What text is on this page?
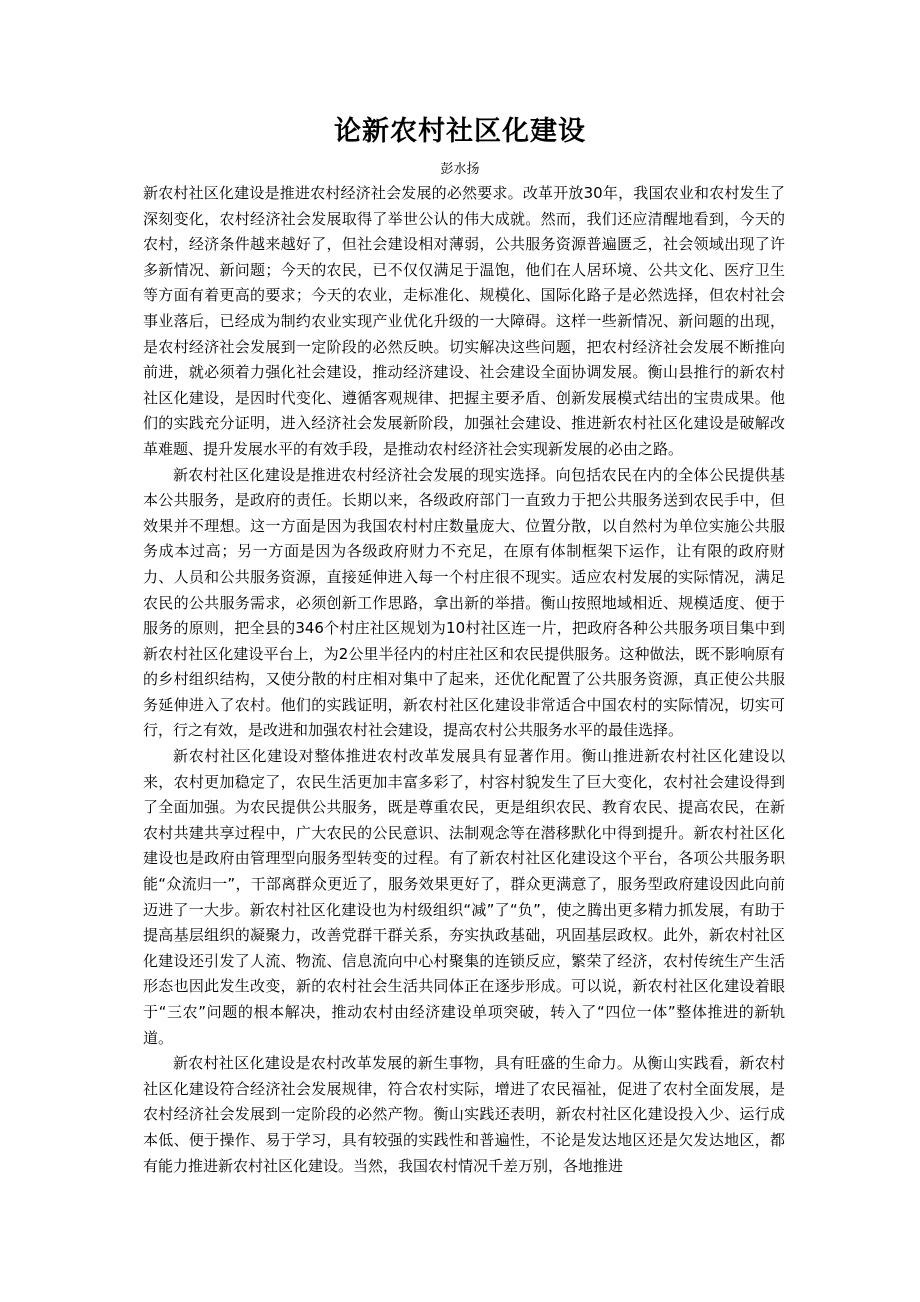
论新农村社区化建设
彭水扬

新农村社区化建设是推进农村经济社会发展的必然要求。改革开放30年，我国农业和农村发生了深刻变化，农村经济社会发展取得了举世公认的伟大成就。然而，我们还应清醒地看到，今天的农村，经济条件越来越好了，但社会建设相对薄弱，公共服务资源普遍匮乏，社会领域出现了许多新情况、新问题；今天的农民，已不仅仅满足于温饱，他们在人居环境、公共文化、医疗卫生等方面有着更高的要求；今天的农业，走标准化、规模化、国际化路子是必然选择，但农村社会事业落后，已经成为制约农业实现产业优化升级的一大障碍。这样一些新情况、新问题的出现，是农村经济社会发展到一定阶段的必然反映。切实解决这些问题，把农村经济社会发展不断推向前进，就必须着力强化社会建设，推动经济建设、社会建设全面协调发展。衡山县推行的新农村社区化建设，是因时代变化、遵循客观规律、把握主要矛盾、创新发展模式结出的宝贵成果。他们的实践充分证明，进入经济社会发展新阶段，加强社会建设、推进新农村社区化建设是破解改革难题、提升发展水平的有效手段，是推动农村经济社会实现新发展的必由之路。

新农村社区化建设是推进农村经济社会发展的现实选择。向包括农民在内的全体公民提供基本公共服务，是政府的责任。长期以来，各级政府部门一直致力于把公共服务送到农民手中，但效果并不理想。这一方面是因为我国农村村庄数量庞大、位置分散，以自然村为单位实施公共服务成本过高；另一方面是因为各级政府财力不充足，在原有体制框架下运作，让有限的政府财力、人员和公共服务资源，直接延伸进入每一个村庄很不现实。适应农村发展的实际情况，满足农民的公共服务需求，必须创新工作思路，拿出新的举措。衡山按照地域相近、规模适度、便于服务的原则，把全县的346个村庄社区规划为10村社区连一片，把政府各种公共服务项目集中到新农村社区化建设平台上，为2公里半径内的村庄社区和农民提供服务。这种做法，既不影响原有的乡村组织结构，又使分散的村庄相对集中了起来，还优化配置了公共服务资源，真正使公共服务延伸进入了农村。他们的实践证明，新农村社区化建设非常适合中国农村的实际情况，切实可行，行之有效，是改进和加强农村社会建设，提高农村公共服务水平的最佳选择。

新农村社区化建设对整体推进农村改革发展具有显著作用。衡山推进新农村社区化建设以来，农村更加稳定了，农民生活更加丰富多彩了，村容村貌发生了巨大变化，农村社会建设得到了全面加强。为农民提供公共服务，既是尊重农民，更是组织农民、教育农民、提高农民，在新农村共建共享过程中，广大农民的公民意识、法制观念等在潜移默化中得到提升。新农村社区化建设也是政府由管理型向服务型转变的过程。有了新农村社区化建设这个平台，各项公共服务职能“众流归一”，干部离群众更近了，服务效果更好了，群众更满意了，服务型政府建设因此向前迈进了一大步。新农村社区化建设也为村级组织“减”了“负”，使之腾出更多精力抓发展，有助于提高基层组织的凝聚力，改善党群干群关系，夯实执政基础，巩固基层政权。此外，新农村社区化建设还引发了人流、物流、信息流向中心村聚集的连锁反应，繁荣了经济，农村传统生产生活形态也因此发生改变，新的农村社会生活共同体正在逐步形成。可以说，新农村社区化建设着眼于“三农”问题的根本解决，推动农村由经济建设单项突破，转入了“四位一体”整体推进的新轨道。

新农村社区化建设是农村改革发展的新生事物，具有旺盛的生命力。从衡山实践看，新农村社区化建设符合经济社会发展规律，符合农村实际，增进了农民福祉，促进了农村全面发展，是农村经济社会发展到一定阶段的必然产物。衡山实践还表明，新农村社区化建设投入少、运行成本低、便于操作、易于学习，具有较强的实践性和普遍性，不论是发达地区还是欠发达地区，都有能力推进新农村社区化建设。当然，我国农村情况千差万别，各地推进
